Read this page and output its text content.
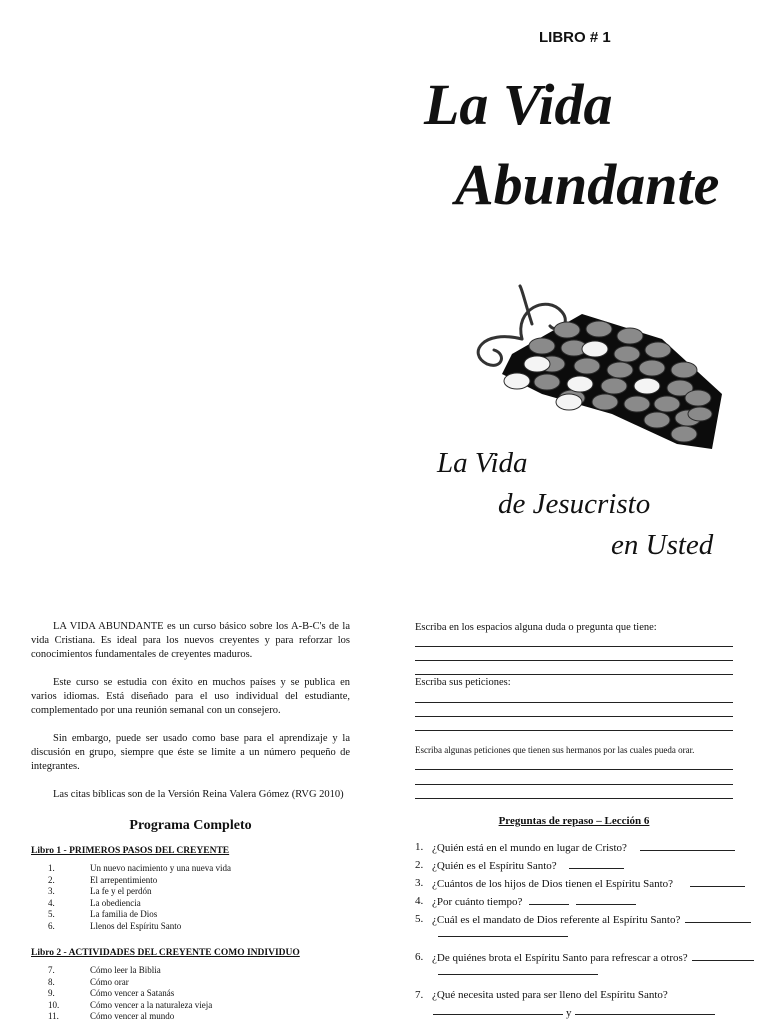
LIBRO # 1
La Vida
Abundante
La Vida
de Jesucristo
en Usted

LA VIDA ABUNDANTE es un curso básico sobre los A-B-C's de la vida Cristiana. Es ideal para los nuevos creyentes y para reforzar los conocimientos fundamentales de creyentes maduros.

Este curso se estudia con éxito en muchos países y se publica en varios idiomas. Está diseñado para el uso individual del estudiante, complementado por una reunión semanal con un consejero.

Sin embargo, puede ser usado como base para el aprendizaje y la discusión en grupo, siempre que éste se limite a un número pequeño de integrantes.

Las citas bíblicas son de la Versión Reina Valera Gómez (RVG 2010)

Programa Completo
Libro 1 - PRIMEROS PASOS DEL CREYENTE
1.	Un nuevo nacimiento y una nueva vida
2.	El arrepentimiento
3.	La fe y el perdón
4.	La obediencia
5.	La familia de Dios
6.	Llenos del Espíritu Santo
Libro 2 - ACTIVIDADES DEL CREYENTE COMO INDIVIDUO
7.	Cómo leer la Biblia
8.	Cómo orar
9.	Cómo vencer a Satanás
10.	Cómo vencer a la naturaleza vieja
11.	Cómo vencer al mundo
Escriba en los espacios alguna duda o pregunta que tiene:
Escriba sus peticiones:
Escriba algunas peticiones que tienen sus hermanos por las cuales pueda orar.
Preguntas de repaso – Lección 6
1. ¿Quién está en el mundo en lugar de Cristo?
2. ¿Quién es el Espíritu Santo?
3. ¿Cuántos de los hijos de Dios tienen el Espíritu Santo?
4. ¿Por cuánto tiempo?
5. ¿Cuál es el mandato de Dios referente al Espíritu Santo?
6. ¿De quiénes brota el Espíritu Santo para refrescar a otros?
7. ¿Qué necesita usted para ser lleno del Espíritu Santo?
y
